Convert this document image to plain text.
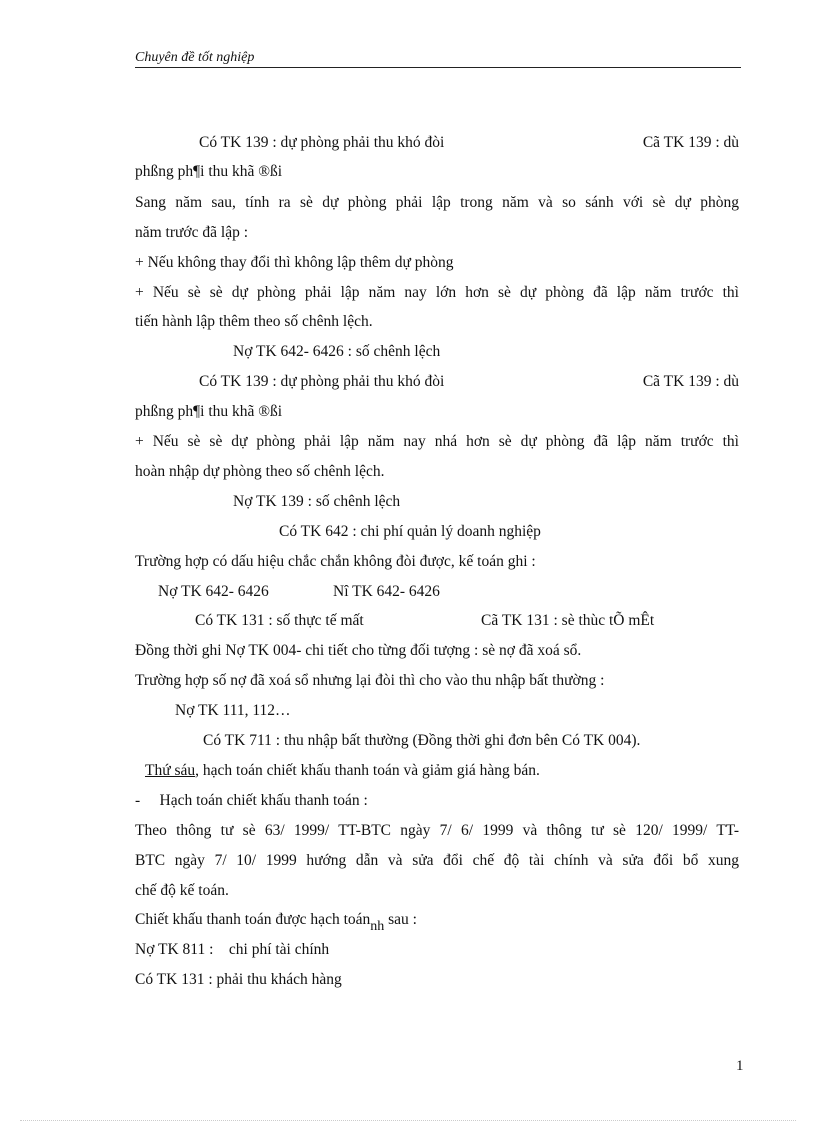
Chuyên đề tốt nghiệp
Có TK 139 : dự phòng phải thu khó đòi	Cã TK 139 : dù
phßng ph¶i thu khã ®ßi
Sang năm sau, tính ra sè dự phòng phải lập trong năm và so sánh với sè dự phòng
năm trước đã lập :
+ Nếu không thay đổi thì không lập thêm dự phòng
+ Nếu sè sè dự phòng phải lập năm nay lớn hơn sè dự phòng đã lập năm trước thì
tiến hành lập thêm theo số chênh lệch.
Nợ TK 642- 6426 : số chênh lệch
Có TK 139 : dự phòng phải thu khó đòi	Cã TK 139 : dù
phßng ph¶i thu khã ®ßi
+ Nếu sè sè dự phòng phải lập năm nay nhá hơn sè dự phòng đã lập năm trước thì
hoàn nhập dự phòng theo số chênh lệch.
Nợ TK 139 : số chênh lệch
Có TK 642 : chi phí quản lý doanh nghiệp
Trường hợp có dấu hiệu chắc chắn không đòi được, kế toán ghi :
Nợ TK 642- 6426	Nî TK 642- 6426
Có TK 131 : số thực tế mất	Cã TK 131 : sè thùc tÕ mÊt
Đồng thời ghi Nợ TK 004- chi tiết cho từng đối tượng : sè nợ đã xoá sổ.
Trường hợp số nợ đã xoá sổ nhưng lại đòi thì cho vào thu nhập bất thường :
Nợ TK 111, 112…
Có TK 711 : thu nhập bất thường (Đồng thời ghi đơn bên Có TK 004).
Thứ sáu, hạch toán chiết khấu thanh toán và giảm giá hàng bán.
-     Hạch toán chiết khấu thanh toán :
Theo thông tư sè 63/ 1999/ TT-BTC ngày 7/ 6/ 1999 và thông tư sè 120/ 1999/ TT-
BTC ngày 7/ 10/ 1999 hướng dẫn và sửa đổi chế độ tài chính và sửa đổi bổ xung
chế độ kế toán.
Chiết khấu thanh toán được hạch toánnh sau :
Nợ TK 811 :    chi phí tài chính
Có TK 131 : phải thu khách hàng
1
